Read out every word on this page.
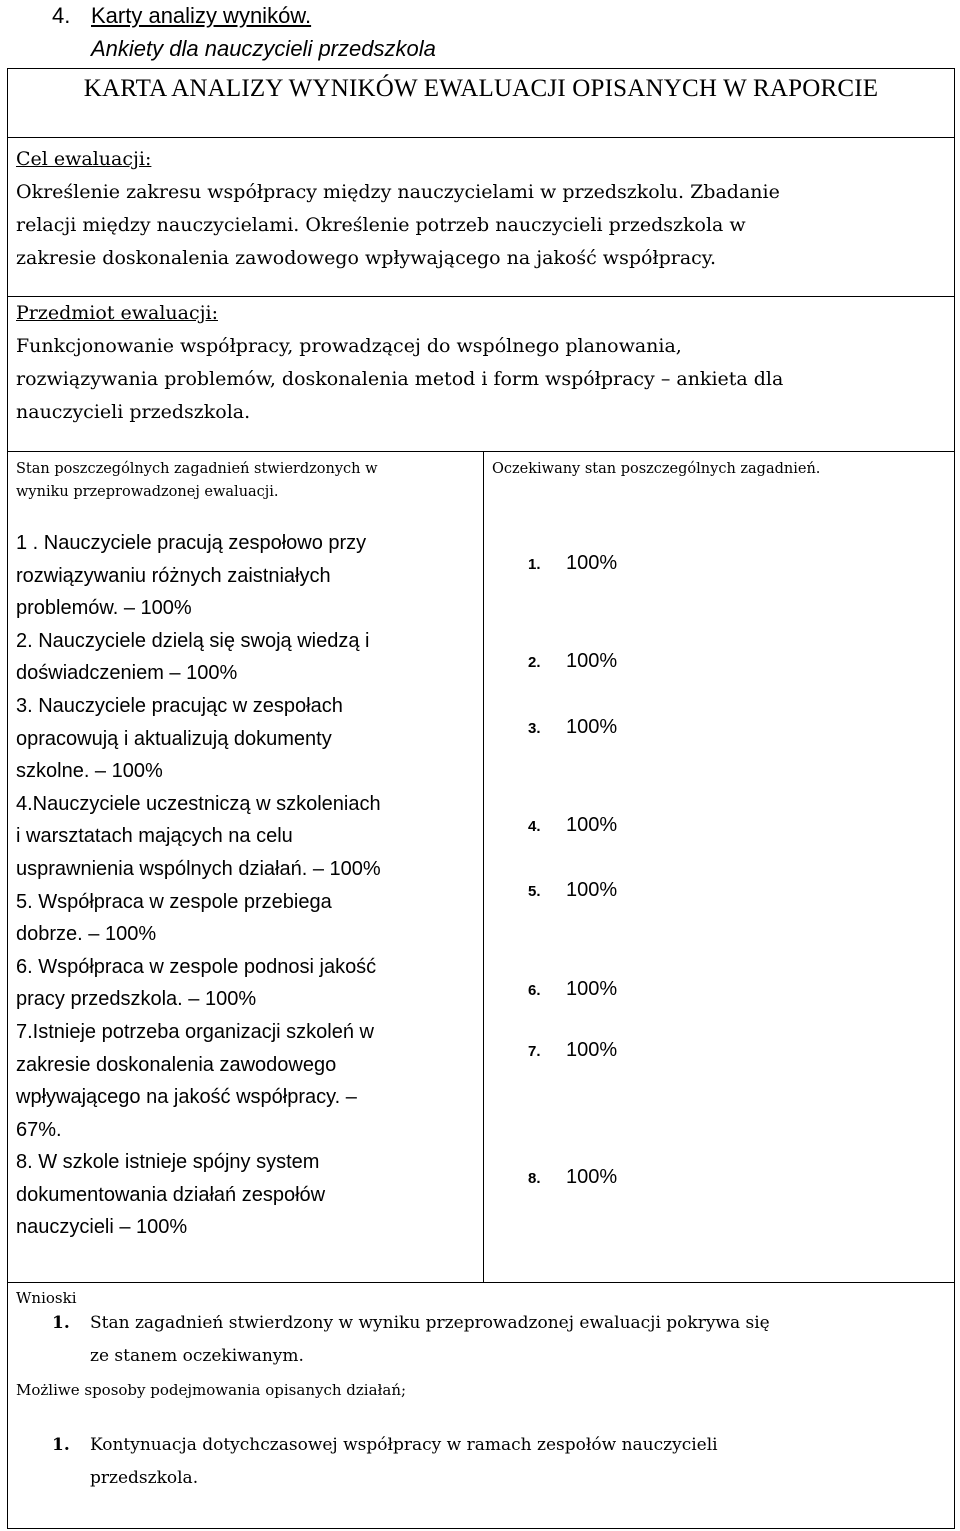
4. Karty analizy wyników.
Ankiety dla nauczycieli przedszkola
KARTA ANALIZY WYNIKÓW EWALUACJI OPISANYCH W RAPORCIE
Cel ewaluacji:
Określenie zakresu współpracy między nauczycielami w przedszkolu. Zbadanie
relacji między nauczycielami. Określenie potrzeb nauczycieli przedszkola w
zakresie doskonalenia zawodowego wpływającego na jakość współpracy.
Przedmiot ewaluacji:
Funkcjonowanie współpracy, prowadzącej do wspólnego planowania,
rozwiązywania problemów, doskonalenia metod i form współpracy – ankieta dla
nauczycieli przedszkola.
Stan poszczególnych zagadnień stwierdzonych w
wyniku przeprowadzonej ewaluacji.
Oczekiwany stan poszczególnych zagadnień.

1 . Nauczyciele pracują zespołowo przy
rozwiązywaniu różnych zaistniałych
problemów. – 100%

2. Nauczyciele dzielą się swoją wiedzą i
doświadczeniem – 100%

3. Nauczyciele pracując w zespołach
opracowują i aktualizują dokumenty
szkolne. – 100%

4.Nauczyciele uczestniczą w szkoleniach
i warsztatach mających na celu
usprawnienia wspólnych działań. – 100%

5. Współpraca w zespole przebiega
dobrze. – 100%

6. Współpraca w zespole podnosi jakość
pracy przedszkola. – 100%

7.Istnieje potrzeba organizacji szkoleń w
zakresie doskonalenia zawodowego
wpływającego na jakość współpracy. –
67%.

8. W szkole istnieje spójny system
dokumentowania działań zespołów
nauczycieli – 100%

1. 100%
2. 100%
3. 100%
4. 100%
5. 100%
6. 100%
7. 100%
8. 100%
Wnioski
1.	Stan zagadnień stwierdzony w wyniku przeprowadzonej ewaluacji pokrywa się
ze stanem oczekiwanym.
Możliwe sposoby podejmowania opisanych działań;
1.	Kontynuacja dotychczasowej współpracy w ramach zespołów nauczycieli
przedszkola.
